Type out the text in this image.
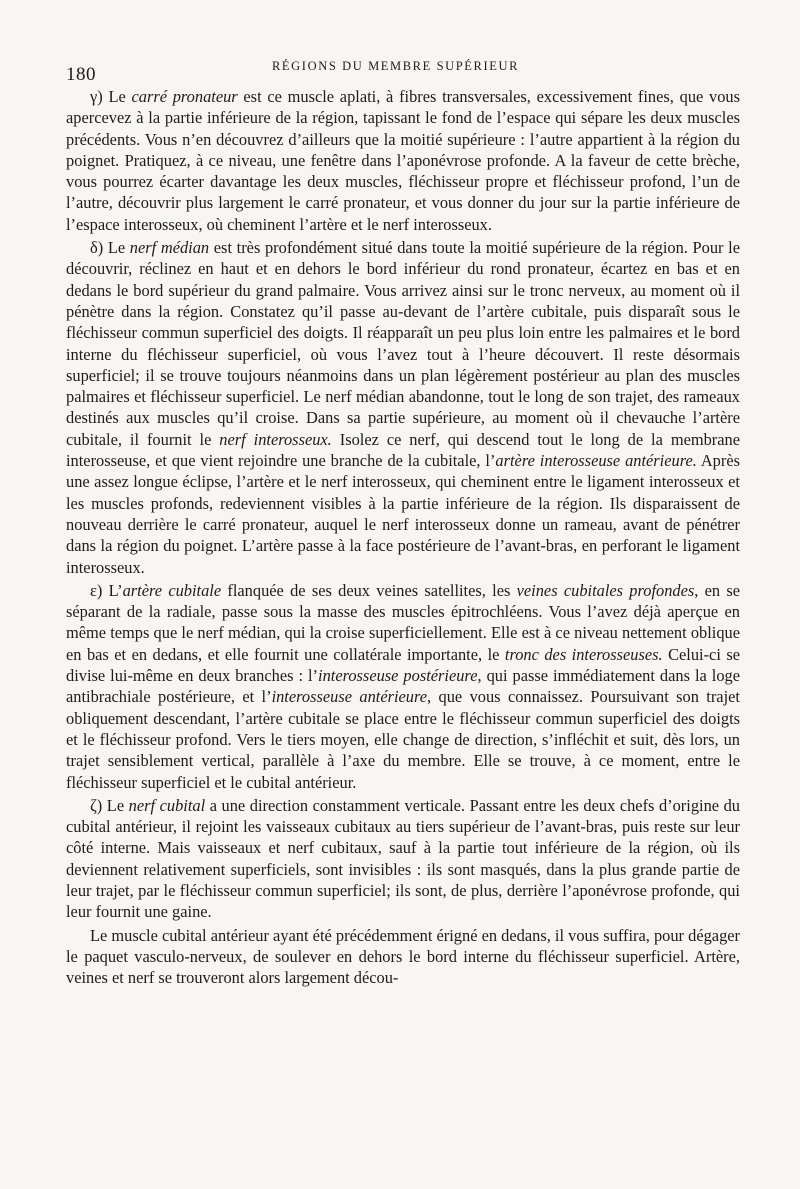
180	RÉGIONS DU MEMBRE SUPÉRIEUR

γ) Le carré pronateur est ce muscle aplati, à fibres transversales, excessivement fines, que vous apercevez à la partie inférieure de la région, tapissant le fond de l’espace qui sépare les deux muscles précédents. Vous n’en découvrez d’ailleurs que la moitié supérieure : l’autre appartient à la région du poignet. Pratiquez, à ce niveau, une fenêtre dans l’aponévrose profonde. A la faveur de cette brèche, vous pourrez écarter davantage les deux muscles, fléchisseur propre et fléchisseur profond, l’un de l’autre, découvrir plus largement le carré pronateur, et vous donner du jour sur la partie inférieure de l’espace interosseux, où cheminent l’artère et le nerf interosseux.

δ) Le nerf médian est très profondément situé dans toute la moitié supérieure de la région. Pour le découvrir, réclinez en haut et en dehors le bord inférieur du rond pronateur, écartez en bas et en dedans le bord supérieur du grand palmaire. Vous arrivez ainsi sur le tronc nerveux, au moment où il pénètre dans la région. Constatez qu’il passe au-devant de l’artère cubitale, puis disparaît sous le fléchisseur commun superficiel des doigts. Il réapparaît un peu plus loin entre les palmaires et le bord interne du fléchisseur superficiel, où vous l’avez tout à l’heure découvert. Il reste désormais superficiel; il se trouve toujours néanmoins dans un plan légèrement postérieur au plan des muscles palmaires et fléchisseur superficiel. Le nerf médian abandonne, tout le long de son trajet, des rameaux destinés aux muscles qu’il croise. Dans sa partie supérieure, au moment où il chevauche l’artère cubitale, il fournit le nerf interosseux. Isolez ce nerf, qui descend tout le long de la membrane interosseuse, et que vient rejoindre une branche de la cubitale, l’artère interosseuse antérieure. Après une assez longue éclipse, l’artère et le nerf interosseux, qui cheminent entre le ligament interosseux et les muscles profonds, redeviennent visibles à la partie inférieure de la région. Ils disparaissent de nouveau derrière le carré pronateur, auquel le nerf interosseux donne un rameau, avant de pénétrer dans la région du poignet. L’artère passe à la face postérieure de l’avant-bras, en perforant le ligament interosseux.

ε) L’artère cubitale flanquée de ses deux veines satellites, les veines cubitales profondes, en se séparant de la radiale, passe sous la masse des muscles épitrochléens. Vous l’avez déjà aperçue en même temps que le nerf médian, qui la croise superficiellement. Elle est à ce niveau nettement oblique en bas et en dedans, et elle fournit une collatérale importante, le tronc des interosseuses. Celui-ci se divise lui-même en deux branches : l’interosseuse postérieure, qui passe immédiatement dans la loge antibrachiale postérieure, et l’interosseuse antérieure, que vous connaissez. Poursuivant son trajet obliquement descendant, l’artère cubitale se place entre le fléchisseur commun superficiel des doigts et le fléchisseur profond. Vers le tiers moyen, elle change de direction, s’infléchit et suit, dès lors, un trajet sensiblement vertical, parallèle à l’axe du membre. Elle se trouve, à ce moment, entre le fléchisseur superficiel et le cubital antérieur.

ζ) Le nerf cubital a une direction constamment verticale. Passant entre les deux chefs d’origine du cubital antérieur, il rejoint les vaisseaux cubitaux au tiers supérieur de l’avant-bras, puis reste sur leur côté interne. Mais vaisseaux et nerf cubitaux, sauf à la partie tout inférieure de la région, où ils deviennent relativement superficiels, sont invisibles : ils sont masqués, dans la plus grande partie de leur trajet, par le fléchisseur commun superficiel; ils sont, de plus, derrière l’aponévrose profonde, qui leur fournit une gaine.

Le muscle cubital antérieur ayant été précédemment érigné en dedans, il vous suffira, pour dégager le paquet vasculo-nerveux, de soulever en dehors le bord interne du fléchisseur superficiel. Artère, veines et nerf se trouveront alors largement décou-
